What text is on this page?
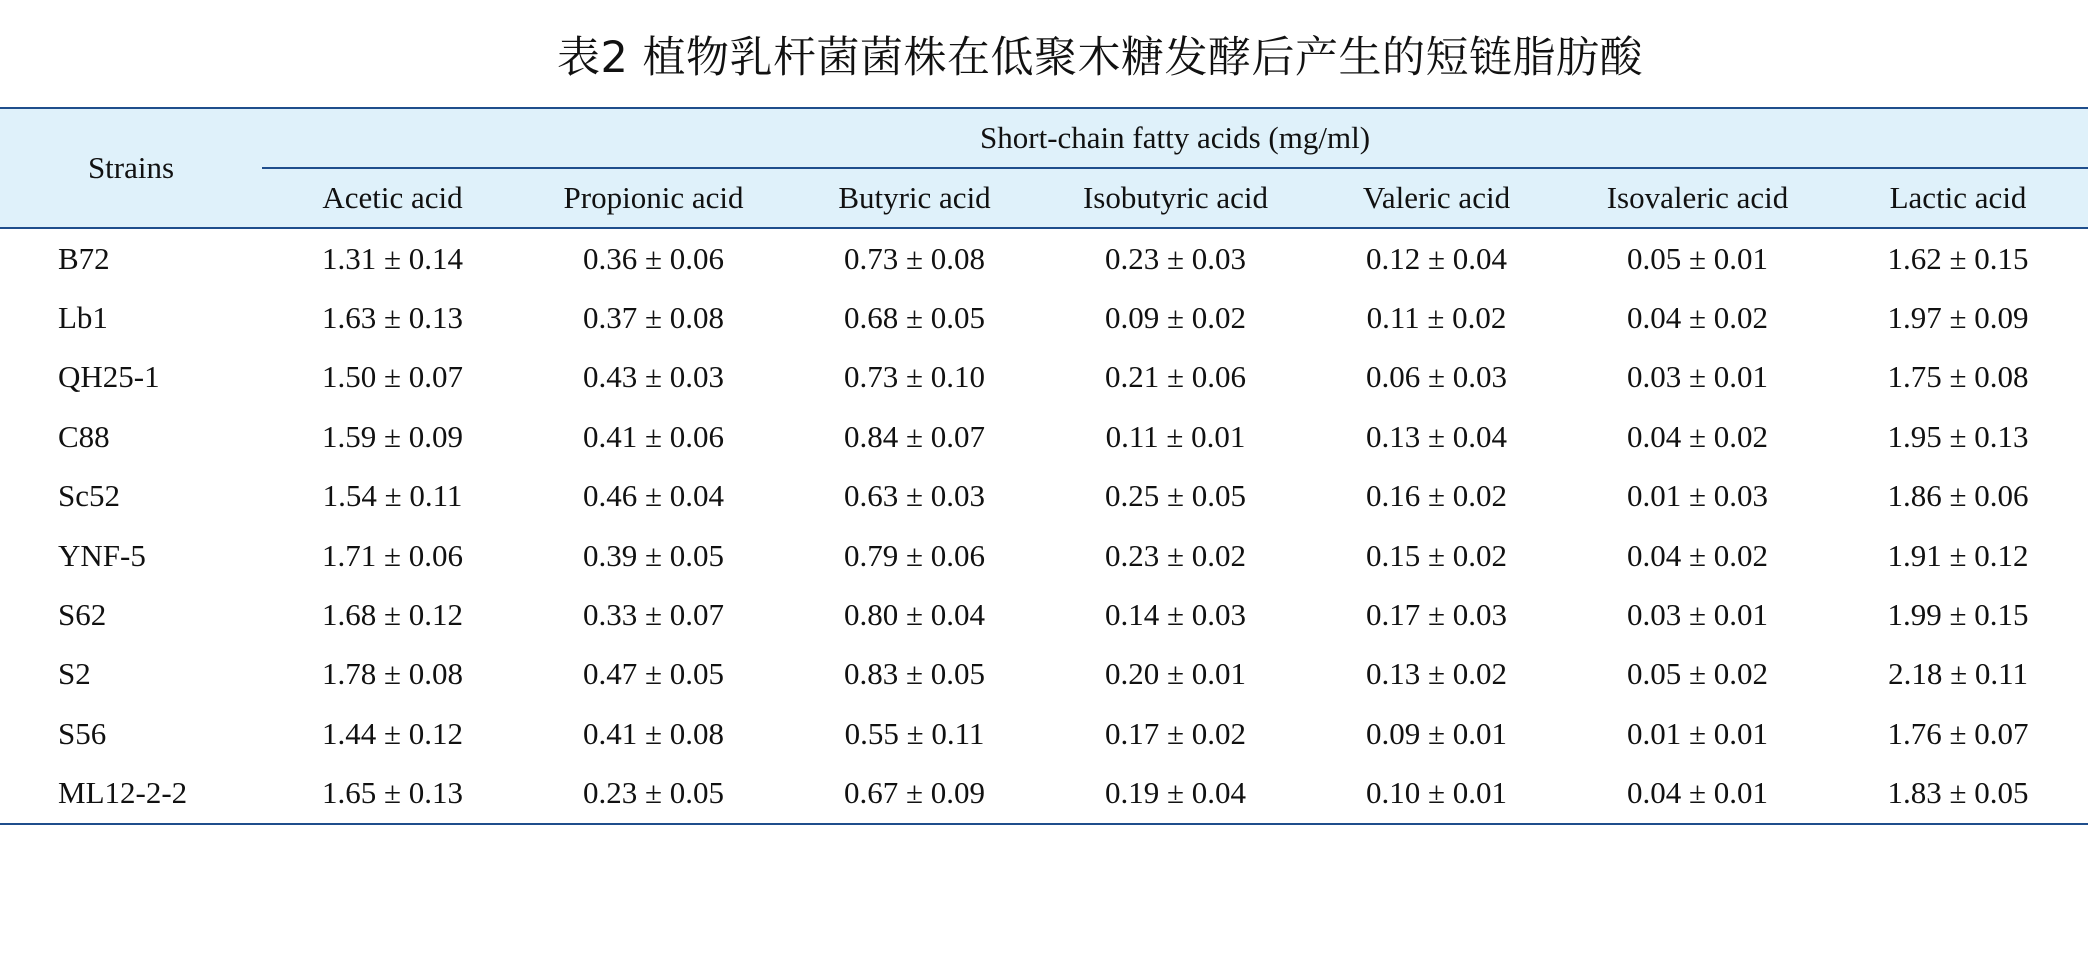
表2 植物乳杆菌菌株在低聚木糖发酵后产生的短链脂肪酸
Strains	Short-chain fatty acids (mg/ml)						
	Acetic acid	Propionic acid	Butyric acid	Isobutyric acid	Valeric acid	Isovaleric acid	Lactic acid
B72	1.31 ± 0.14	0.36 ± 0.06	0.73 ± 0.08	0.23 ± 0.03	0.12 ± 0.04	0.05 ± 0.01	1.62 ± 0.15
Lb1	1.63 ± 0.13	0.37 ± 0.08	0.68 ± 0.05	0.09 ± 0.02	0.11 ± 0.02	0.04 ± 0.02	1.97 ± 0.09
QH25-1	1.50 ± 0.07	0.43 ± 0.03	0.73 ± 0.10	0.21 ± 0.06	0.06 ± 0.03	0.03 ± 0.01	1.75 ± 0.08
C88	1.59 ± 0.09	0.41 ± 0.06	0.84 ± 0.07	0.11 ± 0.01	0.13 ± 0.04	0.04 ± 0.02	1.95 ± 0.13
Sc52	1.54 ± 0.11	0.46 ± 0.04	0.63 ± 0.03	0.25 ± 0.05	0.16 ± 0.02	0.01 ± 0.03	1.86 ± 0.06
YNF-5	1.71 ± 0.06	0.39 ± 0.05	0.79 ± 0.06	0.23 ± 0.02	0.15 ± 0.02	0.04 ± 0.02	1.91 ± 0.12
S62	1.68 ± 0.12	0.33 ± 0.07	0.80 ± 0.04	0.14 ± 0.03	0.17 ± 0.03	0.03 ± 0.01	1.99 ± 0.15
S2	1.78 ± 0.08	0.47 ± 0.05	0.83 ± 0.05	0.20 ± 0.01	0.13 ± 0.02	0.05 ± 0.02	2.18 ± 0.11
S56	1.44 ± 0.12	0.41 ± 0.08	0.55 ± 0.11	0.17 ± 0.02	0.09 ± 0.01	0.01 ± 0.01	1.76 ± 0.07
ML12-2-2	1.65 ± 0.13	0.23 ± 0.05	0.67 ± 0.09	0.19 ± 0.04	0.10 ± 0.01	0.04 ± 0.01	1.83 ± 0.05
